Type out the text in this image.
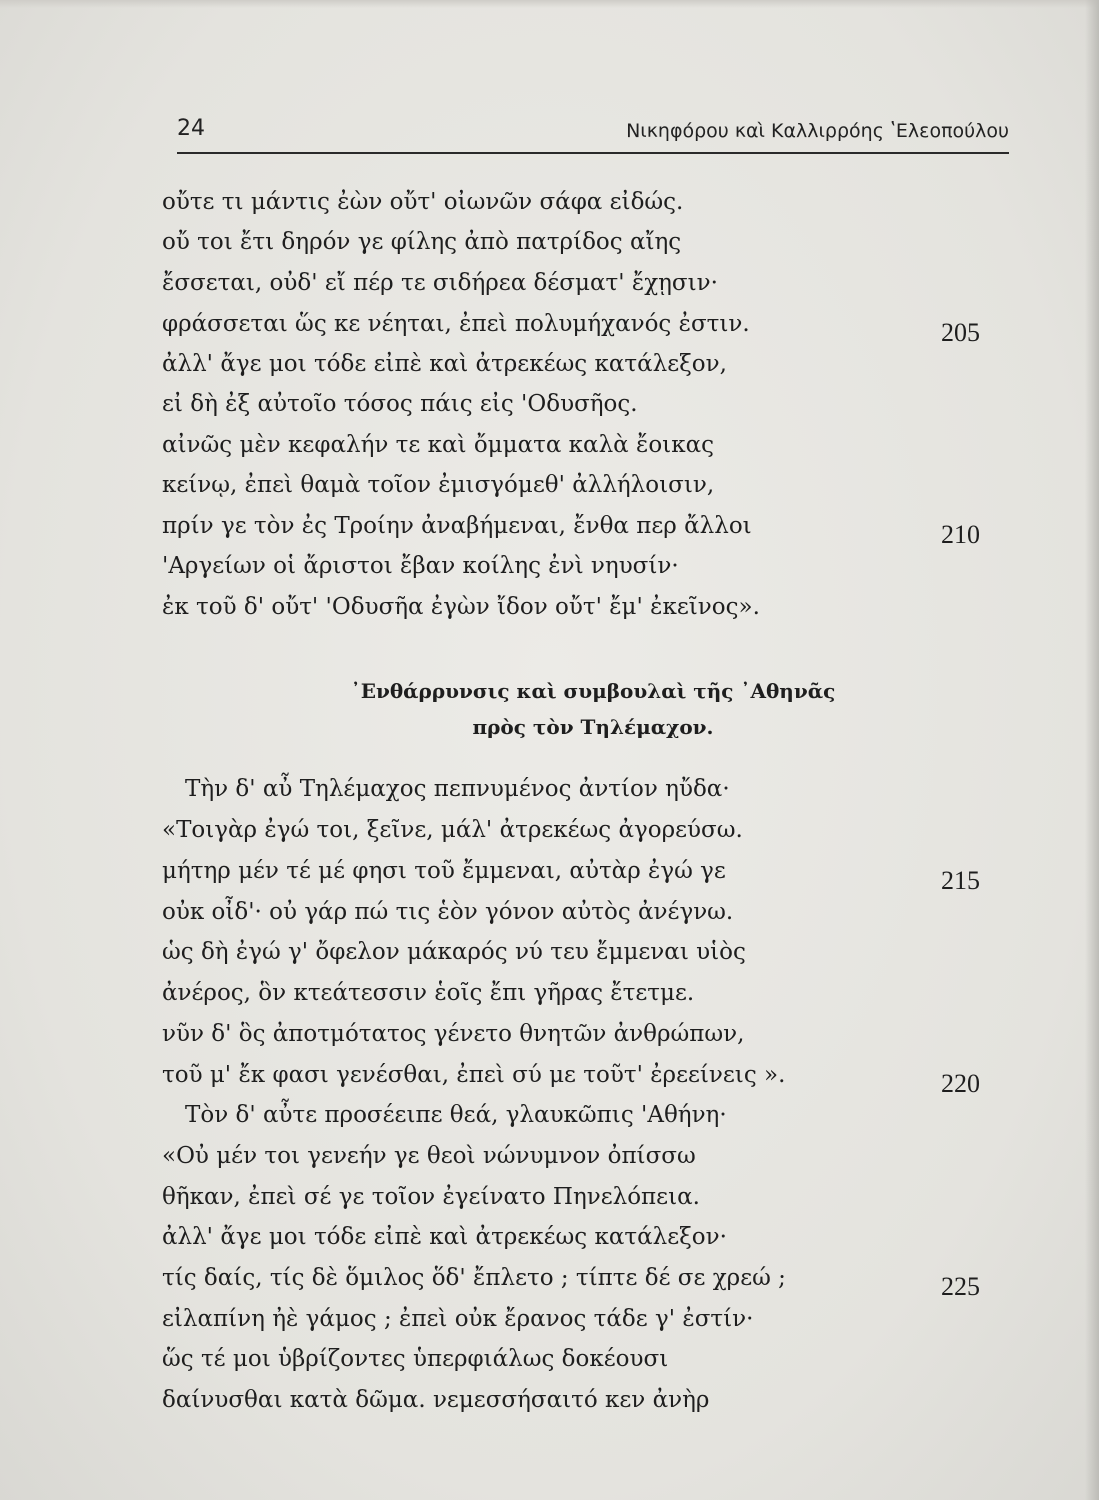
24	Νικηφόρου καὶ Καλλιρρόης ʽΕλεοπούλου
οὔτε τι μάντις ἐὼν οὔτ' οἰωνῶν σάφα εἰδώς.
οὔ τοι ἔτι δηρόν γε φίλης ἀπὸ πατρίδος αἴης
ἔσσεται, οὐδ' εἴ πέρ τε σιδήρεα δέσματ' ἔχῃσιν·
φράσσεται ὥς κε νέηται, ἐπεὶ πολυμήχανός ἐστιν.	205
ἀλλ' ἄγε μοι τόδε εἰπὲ καὶ ἀτρεκέως κατάλεξον,
εἰ δὴ ἐξ αὐτοῖο τόσος πάις εἰς 'Οδυσῆος.
αἰνῶς μὲν κεφαλήν τε καὶ ὄμματα καλὰ ἔοικας
κείνῳ, ἐπεὶ θαμὰ τοῖον ἐμισγόμεθ' ἀλλήλοισιν,
πρίν γε τὸν ἐς Τροίην ἀναβήμεναι, ἔνθα περ ἄλλοι	210
'Αργείων οἱ ἄριστοι ἔβαν κοίλης ἐνὶ νηυσίν·
ἐκ τοῦ δ' οὔτ' 'Οδυσῆα ἐγὼν ἴδον οὔτ' ἔμ' ἐκεῖνος».
᾿Ενθάρρυνσις καὶ συμβουλαὶ τῆς ᾿Αθηνᾶς
πρὸς τὸν Τηλέμαχον.
Τὴν δ' αὖ Τηλέμαχος πεπνυμένος ἀντίον ηὔδα·
«Τοιγὰρ ἐγώ τοι, ξεῖνε, μάλ' ἀτρεκέως ἀγορεύσω.
μήτηρ μέν τέ μέ φησι τοῦ ἔμμεναι, αὐτὰρ ἐγώ γε	215
οὐκ οἶδ'· οὐ γάρ πώ τις ἑὸν γόνον αὐτὸς ἀνέγνω.
ὡς δὴ ἐγώ γ' ὄφελον μάκαρός νύ τευ ἔμμεναι υἱὸς
ἀνέρος, ὃν κτεάτεσσιν ἑοῖς ἔπι γῆρας ἔτετμε.
νῦν δ' ὃς ἀποτμότατος γένετο θνητῶν ἀνθρώπων,
τοῦ μ' ἔκ φασι γενέσθαι, ἐπεὶ σύ με τοῦτ' ἐρεείνεις ».	220
Τὸν δ' αὖτε προσέειπε θεά, γλαυκῶπις 'Αθήνη·
«Οὐ μέν τοι γενεήν γε θεοὶ νώνυμνον ὀπίσσω
θῆκαν, ἐπεὶ σέ γε τοῖον ἐγείνατο Πηνελόπεια.
ἀλλ' ἄγε μοι τόδε εἰπὲ καὶ ἀτρεκέως κατάλεξον·
τίς δαίς, τίς δὲ ὅμιλος ὅδ' ἔπλετο ; τίπτε δέ σε χρεώ ;	225
εἰλαπίνη ἠὲ γάμος ; ἐπεὶ οὐκ ἔρανος τάδε γ' ἐστίν·
ὥς τέ μοι ὑβρίζοντες ὑπερφιάλως δοκέουσι
δαίνυσθαι κατὰ δῶμα. νεμεσσήσαιτό κεν ἀνὴρ
